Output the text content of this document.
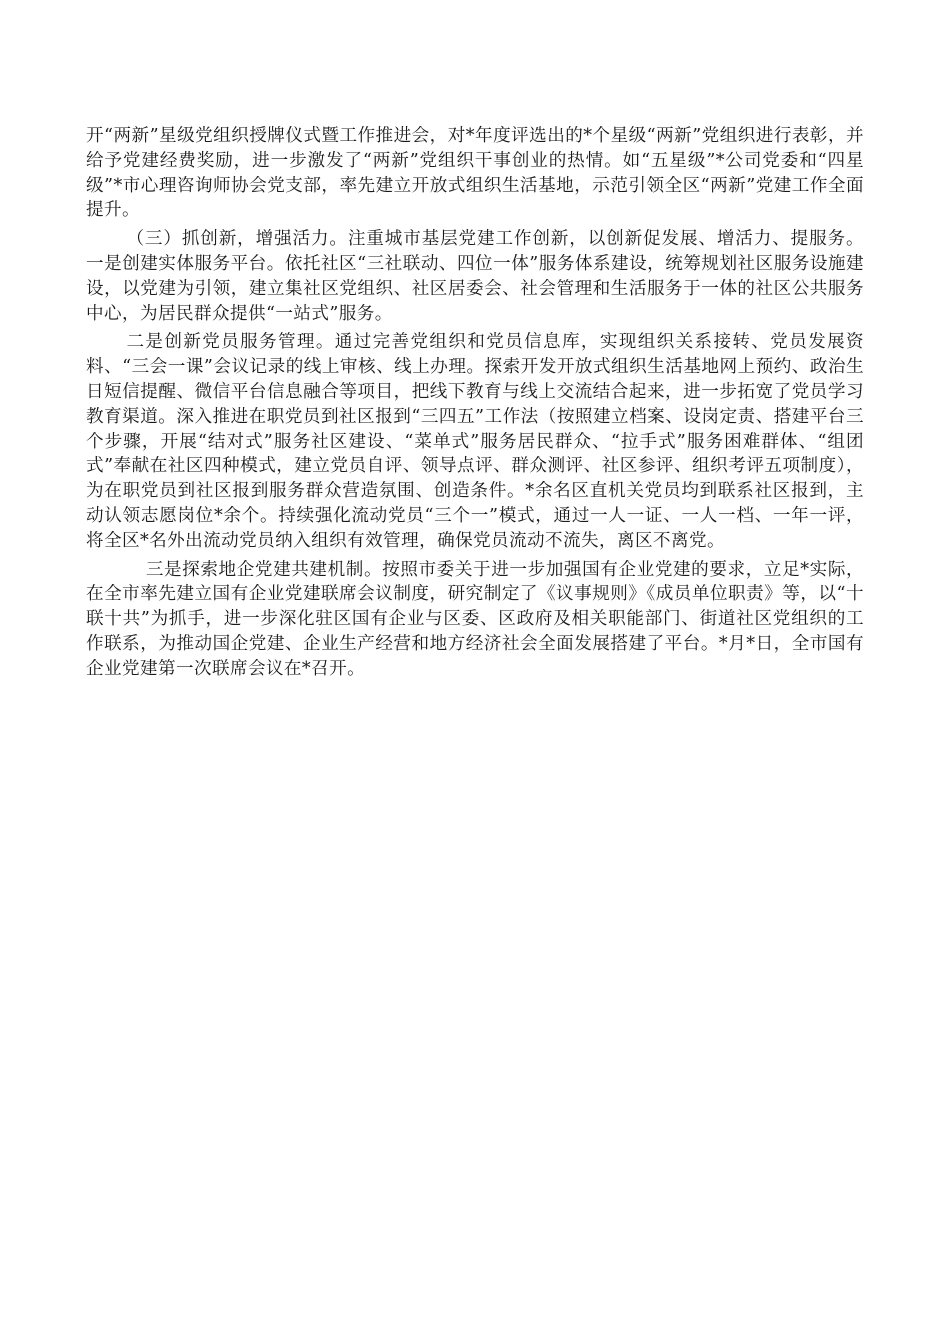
开“两新”星级党组织授牌仪式暨工作推进会，对*年度评选出的*个星级“两新”党组织进行表彰，并给予党建经费奖励，进一步激发了“两新”党组织干事创业的热情。如“五星级”*公司党委和“四星级”*市心理咨询师协会党支部，率先建立开放式组织生活基地，示范引领全区“两新”党建工作全面提升。

（三）抓创新，增强活力。注重城市基层党建工作创新，以创新促发展、增活力、提服务。一是创建实体服务平台。依托社区“三社联动、四位一体”服务体系建设，统筹规划社区服务设施建设，以党建为引领，建立集社区党组织、社区居委会、社会管理和生活服务于一体的社区公共服务中心，为居民群众提供“一站式”服务。

二是创新党员服务管理。通过完善党组织和党员信息库，实现组织关系接转、党员发展资料、“三会一课”会议记录的线上审核、线上办理。探索开发开放式组织生活基地网上预约、政治生日短信提醒、微信平台信息融合等项目，把线下教育与线上交流结合起来，进一步拓宽了党员学习教育渠道。深入推进在职党员到社区报到“三四五”工作法（按照建立档案、设岗定责、搭建平台三个步骤，开展“结对式”服务社区建设、“菜单式”服务居民群众、“拉手式”服务困难群体、“组团式”奉献在社区四种模式，建立党员自评、领导点评、群众测评、社区参评、组织考评五项制度），为在职党员到社区报到服务群众营造氛围、创造条件。*余名区直机关党员均到联系社区报到，主动认领志愿岗位*余个。持续强化流动党员“三个一”模式，通过一人一证、一人一档、一年一评，将全区*名外出流动党员纳入组织有效管理，确保党员流动不流失，离区不离党。

三是探索地企党建共建机制。按照市委关于进一步加强国有企业党建的要求，立足*实际，在全市率先建立国有企业党建联席会议制度，研究制定了《议事规则》《成员单位职责》等，以“十联十共”为抓手，进一步深化驻区国有企业与区委、区政府及相关职能部门、街道社区党组织的工作联系，为推动国企党建、企业生产经营和地方经济社会全面发展搭建了平台。*月*日，全市国有企业党建第一次联席会议在*召开。
